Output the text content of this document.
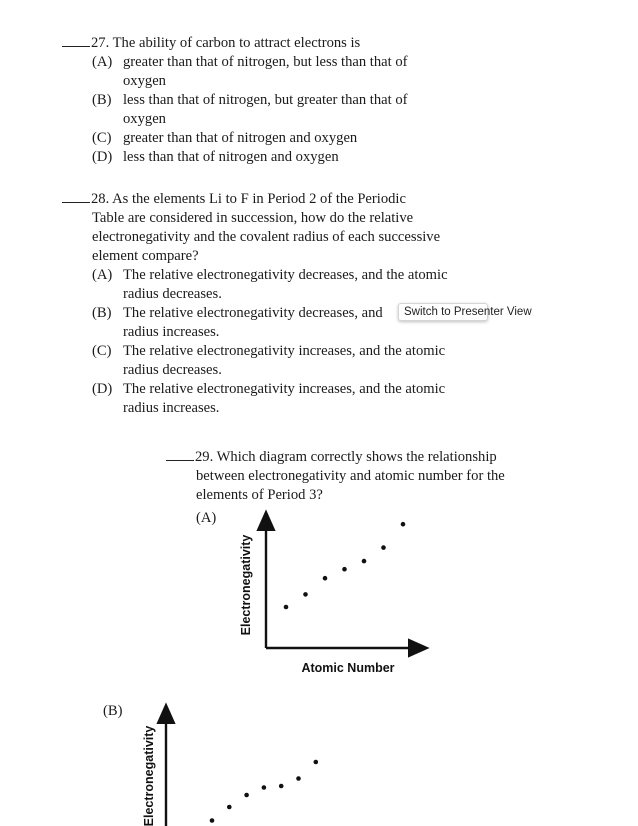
27. The ability of carbon to attract electrons is
(A) greater than that of nitrogen, but less than that of
oxygen
(B) less than that of nitrogen, but greater than that of
oxygen
(C) greater than that of nitrogen and oxygen
(D) less than that of nitrogen and oxygen
28. As the elements Li to F in Period 2 of the Periodic
Table are considered in succession, how do the relative
electronegativity and the covalent radius of each successive
element compare?
(A) The relative electronegativity decreases, and the atomic
radius decreases.
(B) The relative electronegativity decreases, and
radius increases.
(C) The relative electronegativity increases, and the atomic
radius decreases.
(D) The relative electronegativity increases, and the atomic
radius increases.
Switch to Presenter View
29. Which diagram correctly shows the relationship
between electronegativity and atomic number for the
elements of Period 3?
(A)
Electronegativity
Atomic Number
(B)
Electronegativity
